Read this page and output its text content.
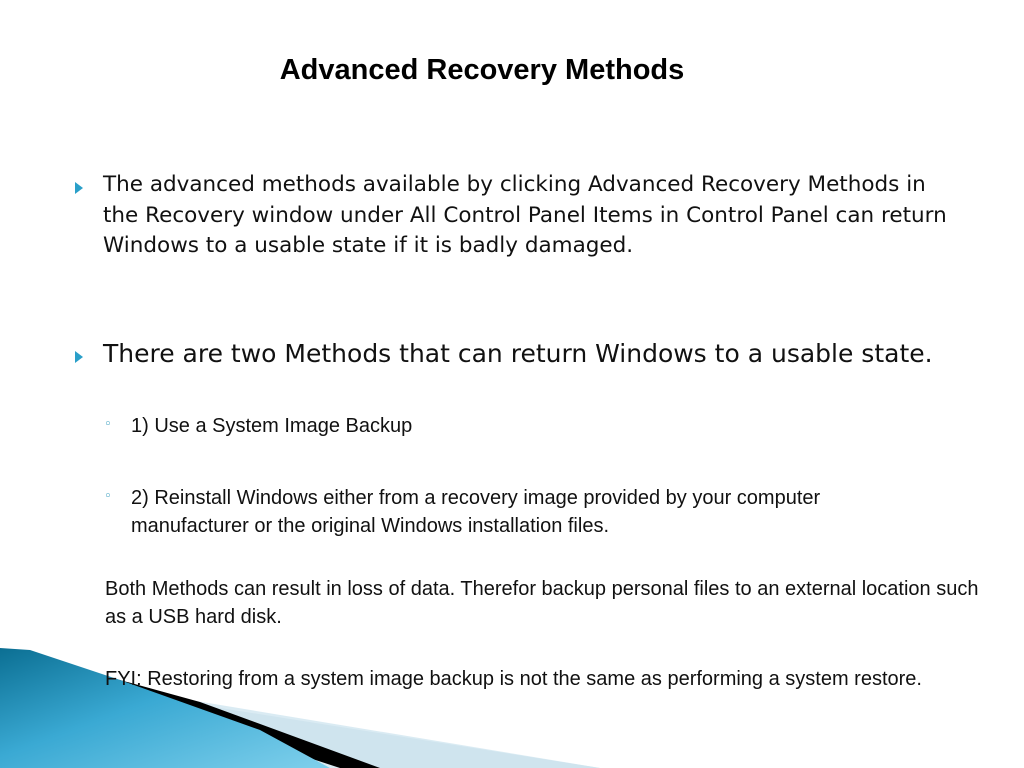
Advanced Recovery Methods
The advanced methods available by clicking Advanced Recovery Methods in the Recovery window under All Control Panel Items in Control Panel can return Windows to a usable state if it is badly damaged.
There are two Methods that can return Windows to a usable state.
◦ 1) Use a System Image Backup
◦ 2) Reinstall Windows either from a recovery image provided by your computer manufacturer or the original Windows installation files.
Both Methods can result in loss of data. Therefor backup personal files to an external location such as a USB hard disk.
FYI: Restoring from a system image backup is not the same as performing a system restore.
